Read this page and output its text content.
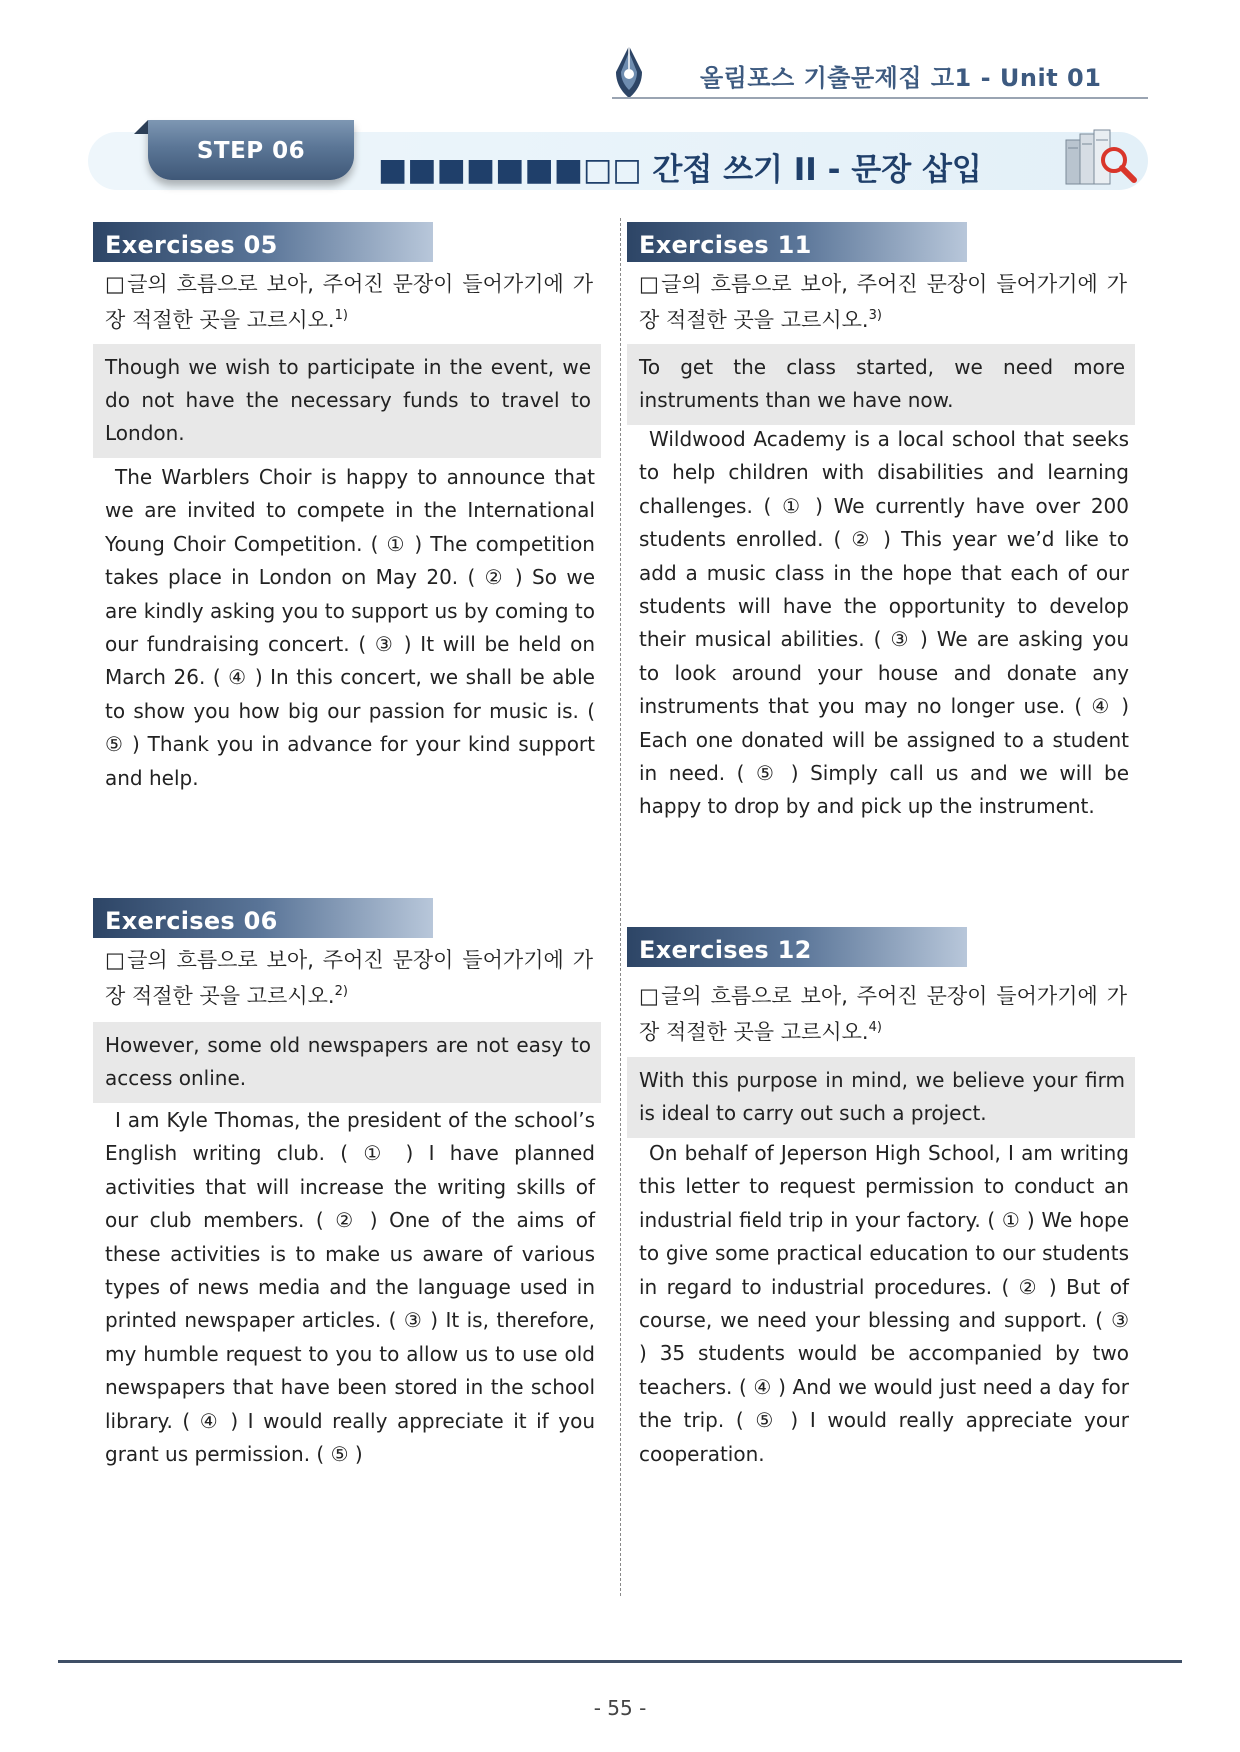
올림포스 기출문제집 고1 - Unit 01
STEP 06
■■■■■■■□□ 간접 쓰기 II - 문장 삽입
Exercises 05
□글의 흐름으로 보아, 주어진 문장이 들어가기에 가장 적절한 곳을 고르시오.$^{1)}$
Though we wish to participate in the event, we do not have the necessary funds to travel to London.
The Warblers Choir is happy to announce that we are invited to compete in the International Young Choir Competition. ( ① ) The competition takes place in London on May 20. ( ② ) So we are kindly asking you to support us by coming to our fundraising concert. ( ③ ) It will be held on March 26. ( ④ ) In this concert, we shall be able to show you how big our passion for music is. ( ⑤ ) Thank you in advance for your kind support and help.
Exercises 06
□글의 흐름으로 보아, 주어진 문장이 들어가기에 가장 적절한 곳을 고르시오.$^{2)}$
However, some old newspapers are not easy to access online.
I am Kyle Thomas, the president of the school’s English writing club. ( ① ) I have planned activities that will increase the writing skills of our club members. ( ② ) One of the aims of these activities is to make us aware of various types of news media and the language used in printed newspaper articles. ( ③ ) It is, therefore, my humble request to you to allow us to use old newspapers that have been stored in the school library. ( ④ ) I would really appreciate it if you grant us permission. ( ⑤ )
Exercises 11
□글의 흐름으로 보아, 주어진 문장이 들어가기에 가장 적절한 곳을 고르시오.$^{3)}$
To get the class started, we need more instruments than we have now.
Wildwood Academy is a local school that seeks to help children with disabilities and learning challenges. ( ① ) We currently have over 200 students enrolled. ( ② ) This year we’d like to add a music class in the hope that each of our students will have the opportunity to develop their musical abilities. ( ③ ) We are asking you to look around your house and donate any instruments that you may no longer use. ( ④ ) Each one donated will be assigned to a student in need. ( ⑤ ) Simply call us and we will be happy to drop by and pick up the instrument.
Exercises 12
□글의 흐름으로 보아, 주어진 문장이 들어가기에 가장 적절한 곳을 고르시오.$^{4)}$
With this purpose in mind, we believe your firm is ideal to carry out such a project.
On behalf of Jeperson High School, I am writing this letter to request permission to conduct an industrial field trip in your factory. ( ① ) We hope to give some practical education to our students in regard to industrial procedures. ( ② ) But of course, we need your blessing and support. ( ③ ) 35 students would be accompanied by two teachers. ( ④ ) And we would just need a day for the trip. ( ⑤ ) I would really appreciate your cooperation.
- 55 -
